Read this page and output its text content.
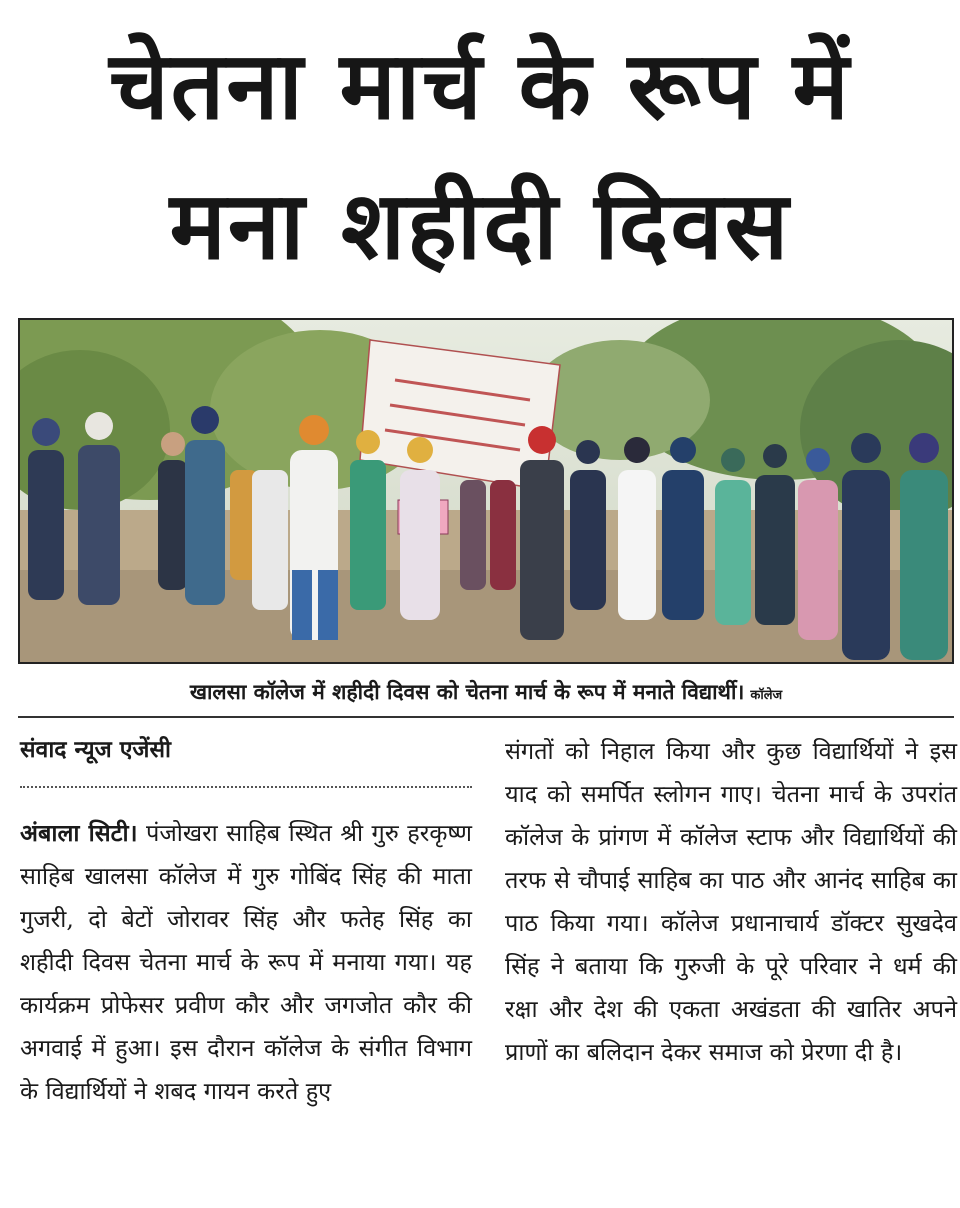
चेतना मार्च के रूप में
मना शहीदी दिवस
खालसा कॉलेज में शहीदी दिवस को चेतना मार्च के रूप में मनाते विद्यार्थी। कॉलेज
संवाद न्यूज एजेंसी
अंबाला सिटी। पंजोखरा साहिब स्थित श्री गुरु हरकृष्ण साहिब खालसा कॉलेज में गुरु गोबिंद सिंह की माता गुजरी, दो बेटों जोरावर सिंह और फतेह सिंह का शहीदी दिवस चेतना मार्च के रूप में मनाया गया। यह कार्यक्रम प्रोफेसर प्रवीण कौर और जगजोत कौर की अगवाई में हुआ। इस दौरान कॉलेज के संगीत विभाग के विद्यार्थियों ने शबद गायन करते हुए
संगतों को निहाल किया और कुछ विद्यार्थियों ने इस याद को समर्पित स्लोगन गाए। चेतना मार्च के उपरांत कॉलेज के प्रांगण में कॉलेज स्टाफ और विद्यार्थियों की तरफ से चौपाई साहिब का पाठ और आनंद साहिब का पाठ किया गया। कॉलेज प्रधानाचार्य डॉक्टर सुखदेव सिंह ने बताया कि गुरुजी के पूरे परिवार ने धर्म की रक्षा और देश की एकता अखंडता की खातिर अपने प्राणों का बलिदान देकर समाज को प्रेरणा दी है।
